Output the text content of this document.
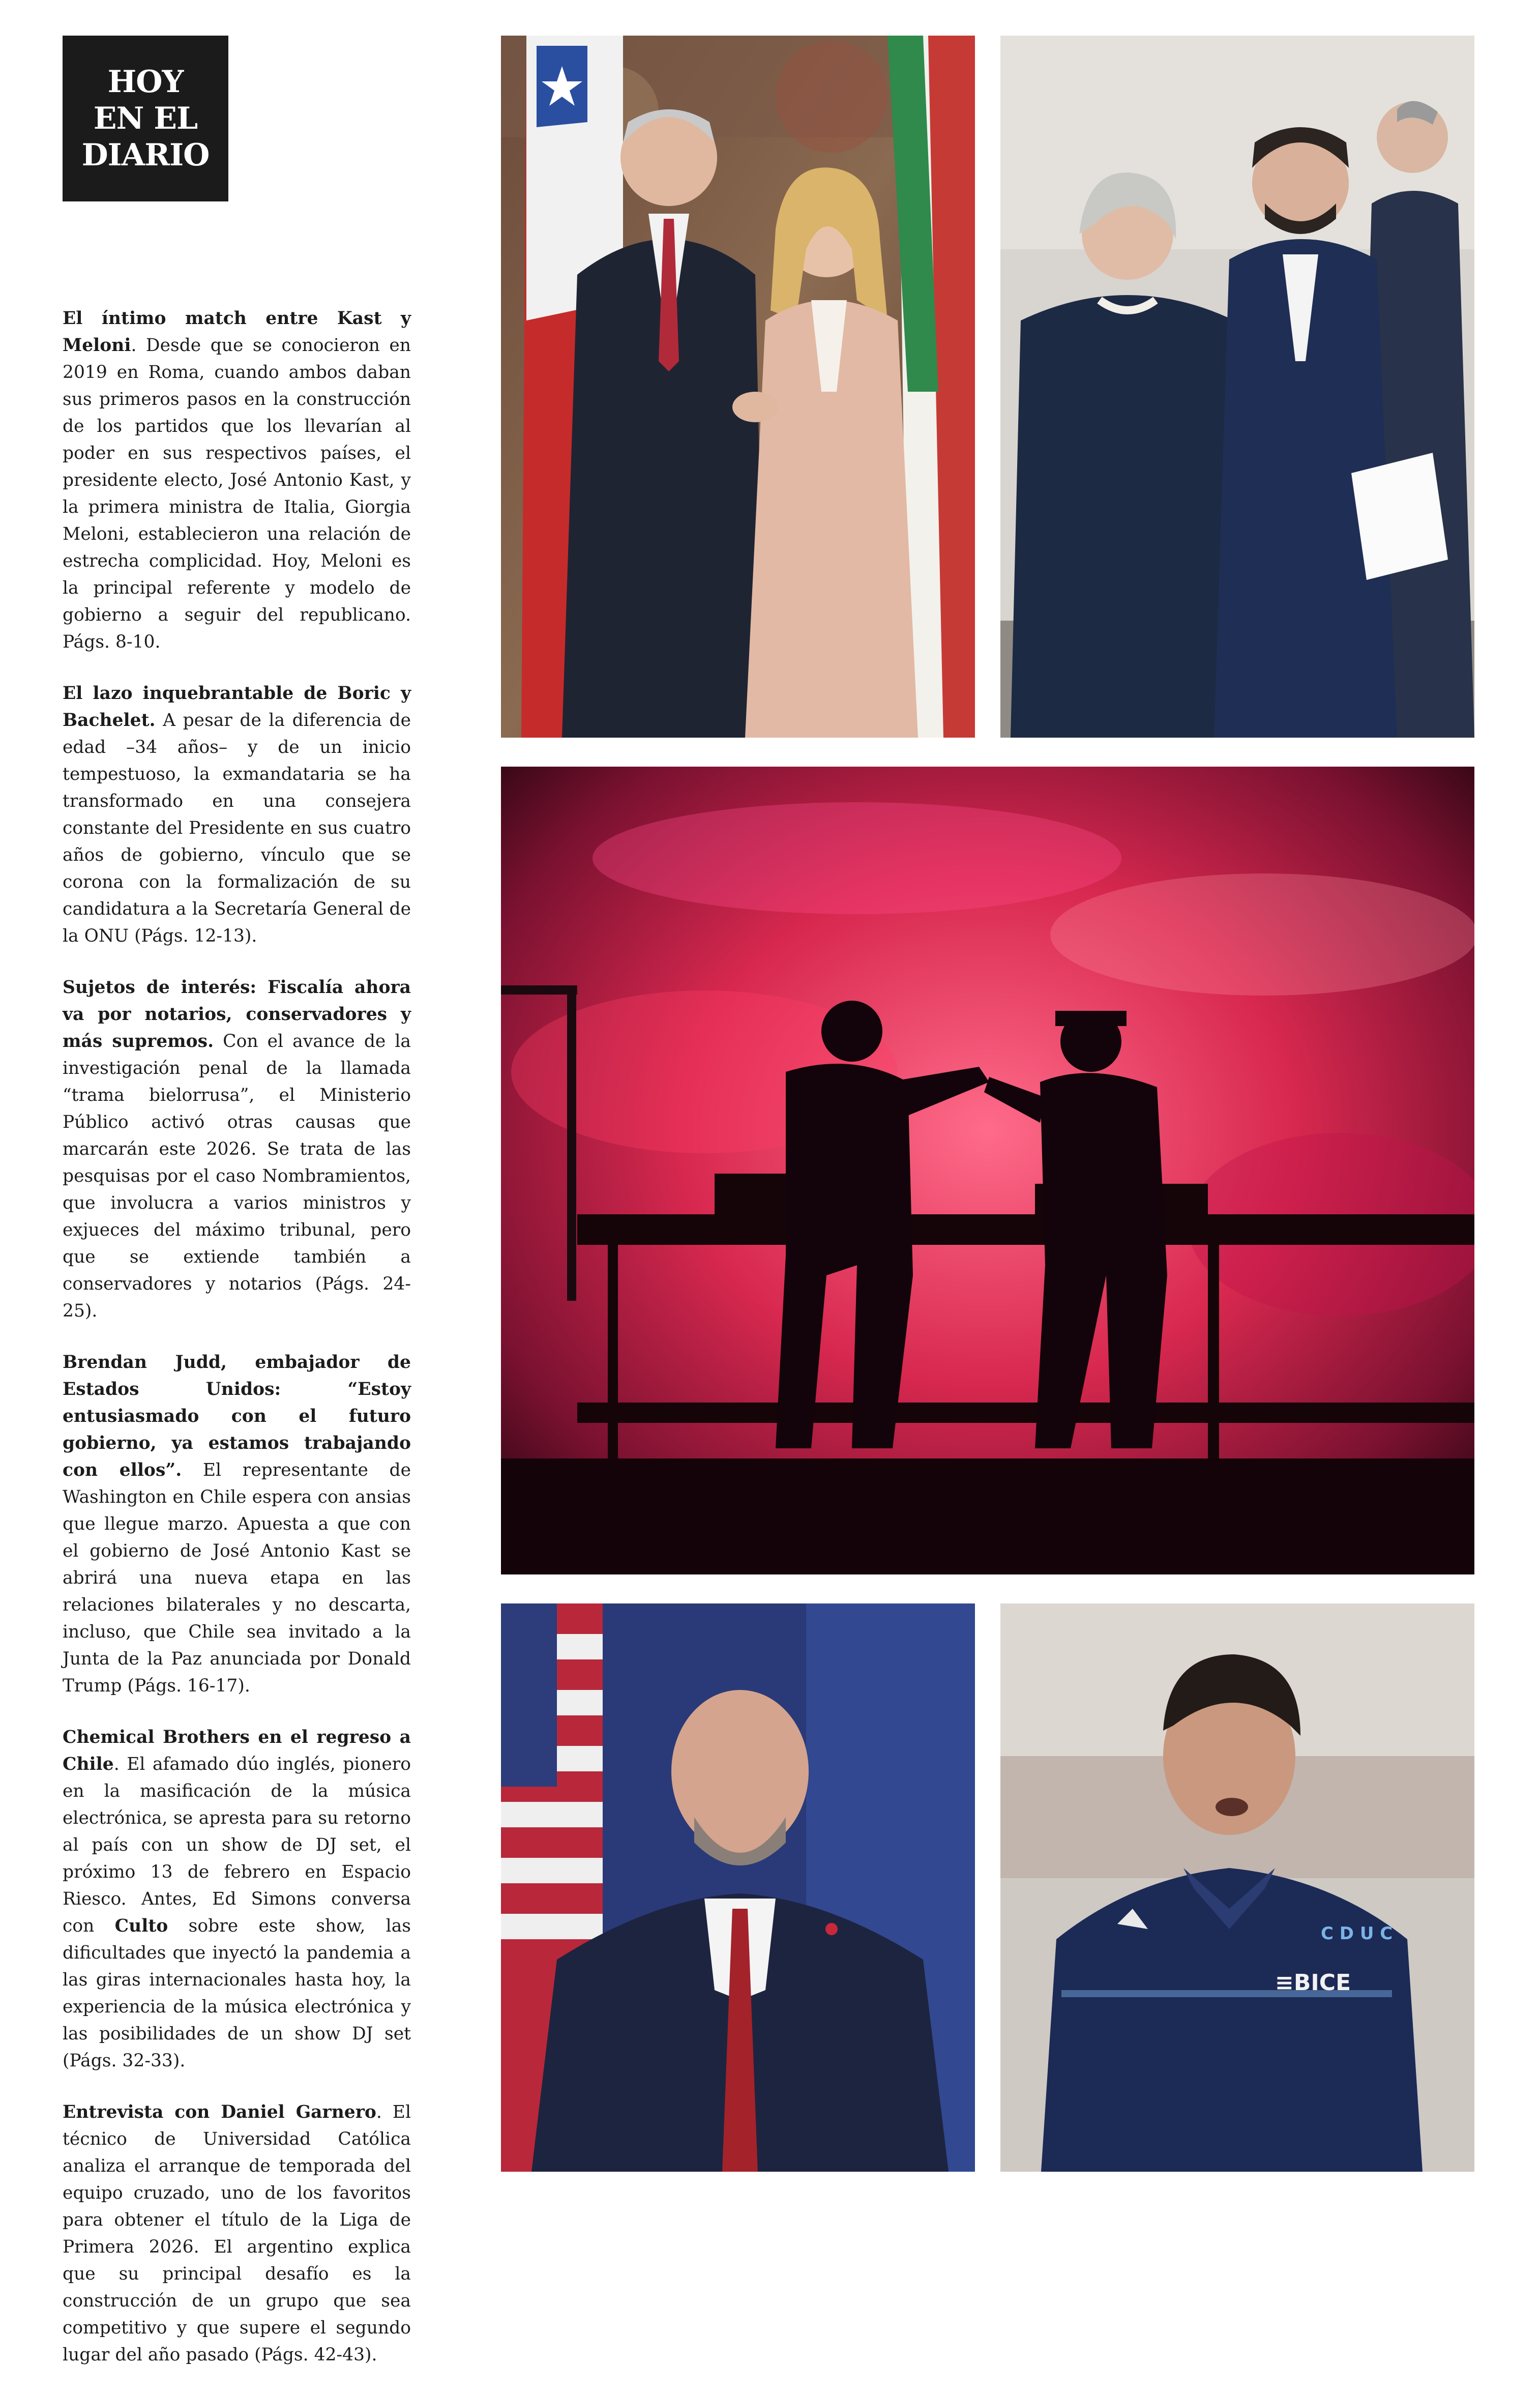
HOY
EN EL
DIARIO

El íntimo match entre Kast y Meloni. Desde que se conocieron en 2019 en Roma, cuando ambos daban sus primeros pasos en la construcción de los partidos que los llevarían al poder en sus respectivos países, el presidente electo, José Antonio Kast, y la primera ministra de Italia, Giorgia Meloni, establecieron una relación de estrecha complicidad. Hoy, Meloni es la principal referente y modelo de gobierno a seguir del republicano. Págs. 8-10.

El lazo inquebrantable de Boric y Bachelet. A pesar de la diferencia de edad –34 años– y de un inicio tempestuoso, la exmandataria se ha transformado en una consejera constante del Presidente en sus cuatro años de gobierno, vínculo que se corona con la formalización de su candidatura a la Secretaría General de la ONU (Págs. 12-13).

Sujetos de interés: Fiscalía ahora va por notarios, conservadores y más supremos. Con el avance de la investigación penal de la llamada “trama bielorrusa”, el Ministerio Público activó otras causas que marcarán este 2026. Se trata de las pesquisas por el caso Nombramientos, que involucra a varios ministros y exjueces del máximo tribunal, pero que se extiende también a conservadores y notarios (Págs. 24-25).

Brendan Judd, embajador de Estados Unidos: “Estoy entusiasmado con el futuro gobierno, ya estamos trabajando con ellos”. El representante de Washington en Chile espera con ansias que llegue marzo. Apuesta a que con el gobierno de José Antonio Kast se abrirá una nueva etapa en las relaciones bilaterales y no descarta, incluso, que Chile sea invitado a la Junta de la Paz anunciada por Donald Trump (Págs. 16-17).

Chemical Brothers en el regreso a Chile. El afamado dúo inglés, pionero en la masificación de la música electrónica, se apresta para su retorno al país con un show de DJ set, el próximo 13 de febrero en Espacio Riesco. Antes, Ed Simons conversa con Culto sobre este show, las dificultades que inyectó la pandemia a las giras internacionales hasta hoy, la experiencia de la música electrónica y las posibilidades de un show DJ set (Págs. 32-33).

Entrevista con Daniel Garnero. El técnico de Universidad Católica analiza el arranque de temporada del equipo cruzado, uno de los favoritos para obtener el título de la Liga de Primera 2026. El argentino explica que su principal desafío es la construcción de un grupo que sea competitivo y que supere el segundo lugar del año pasado (Págs. 42-43).

C D U C
≡BICE
